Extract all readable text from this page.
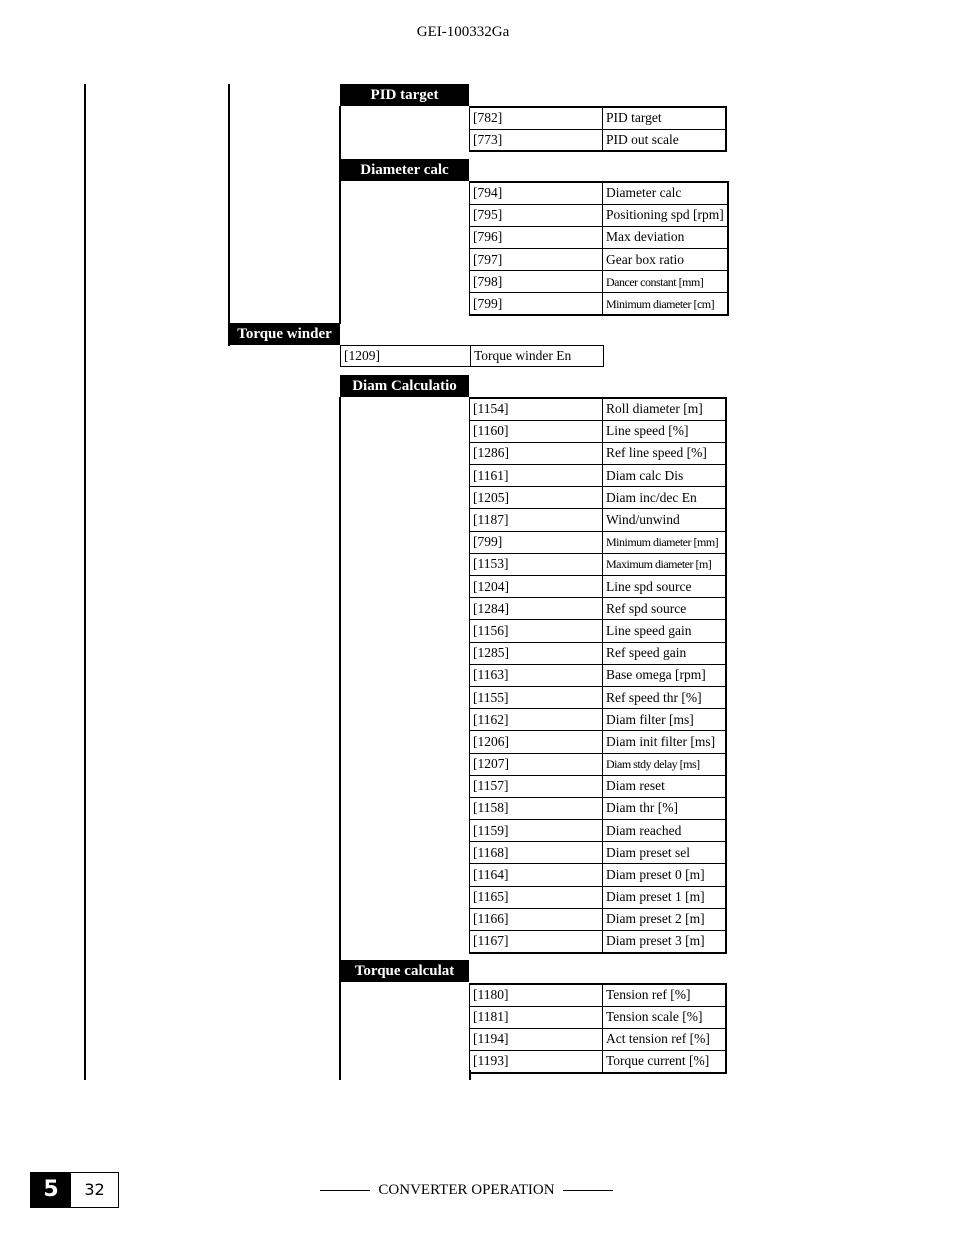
GEI-100332Ga
PID target
[782]	PID target
[773]	PID out scale
Diameter calc
[794]	Diameter calc
[795]	Positioning spd [rpm]
[796]	Max deviation
[797]	Gear box ratio
[798]	Dancer constant [mm]
[799]	Minimum diameter [cm]
Torque winder
[1209]	Torque winder En
Diam Calculatio
[1154]	Roll diameter [m]
[1160]	Line speed [%]
[1286]	Ref line speed [%]
[1161]	Diam calc Dis
[1205]	Diam inc/dec En
[1187]	Wind/unwind
[799]	Minimum diameter [mm]
[1153]	Maximum diameter [m]
[1204]	Line spd source
[1284]	Ref spd source
[1156]	Line speed gain
[1285]	Ref speed gain
[1163]	Base omega [rpm]
[1155]	Ref speed thr [%]
[1162]	Diam filter [ms]
[1206]	Diam init filter [ms]
[1207]	Diam stdy delay [ms]
[1157]	Diam reset
[1158]	Diam thr [%]
[1159]	Diam reached
[1168]	Diam preset sel
[1164]	Diam preset 0 [m]
[1165]	Diam preset 1 [m]
[1166]	Diam preset 2 [m]
[1167]	Diam preset 3 [m]
Torque calculat
[1180]	Tension ref [%]
[1181]	Tension scale [%]
[1194]	Act tension ref [%]
[1193]	Torque current [%]
5	32	CONVERTER OPERATION
